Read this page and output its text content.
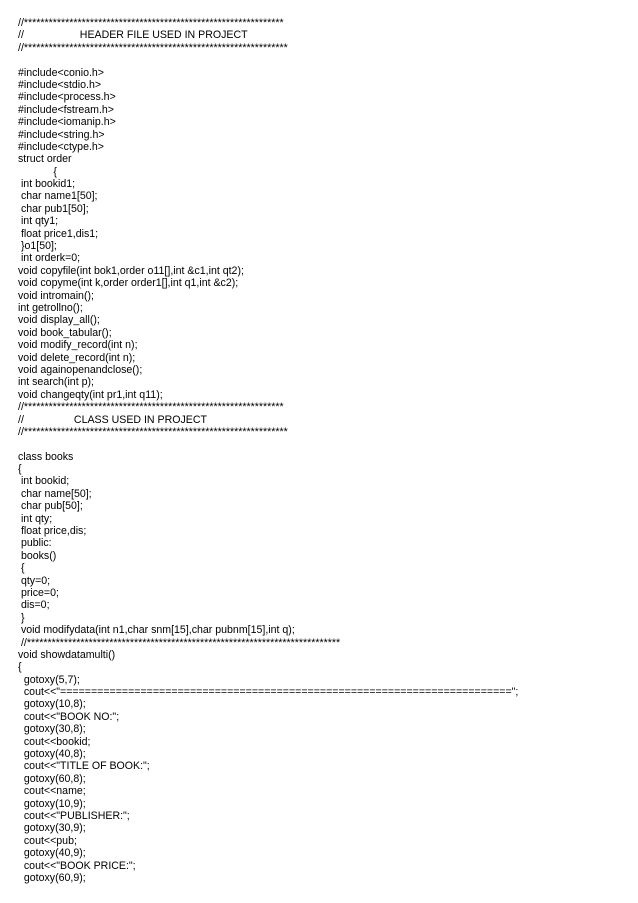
//***************************************************************
//                   HEADER FILE USED IN PROJECT
//****************************************************************
#include<conio.h>
#include<stdio.h>
#include<process.h>
#include<fstream.h>
#include<iomanip.h>
#include<string.h>
#include<ctype.h>
struct order
{
int bookid1;
char name1[50];
char pub1[50];
int qty1;
float price1,dis1;
}o1[50];
int orderk=0;
void copyfile(int bok1,order o11[],int &c1,int qt2);
void copyme(int k,order order1[],int q1,int &c2);
void intromain();
int getrollno();
void display_all();
void book_tabular();
void modify_record(int n);
void delete_record(int n);
void againopenandclose();
int search(int p);
void changeqty(int pr1,int q11);
//***************************************************************
//                 CLASS USED IN PROJECT
//****************************************************************
class books
{
int bookid;
char name[50];
char pub[50];
int qty;
float price,dis;
public:
books()
{
qty=0;
price=0;
dis=0;
}
void modifydata(int n1,char snm[15],char pubnm[15],int q);
//****************************************************************************
void showdatamulti()
{
gotoxy(5,7);
cout<<"=========================================================================";
gotoxy(10,8);
cout<<"BOOK NO:";
gotoxy(30,8);
cout<<bookid;
gotoxy(40,8);
cout<<"TITLE OF BOOK:";
gotoxy(60,8);
cout<<name;
gotoxy(10,9);
cout<<"PUBLISHER:";
gotoxy(30,9);
cout<<pub;
gotoxy(40,9);
cout<<"BOOK PRICE:";
gotoxy(60,9);
